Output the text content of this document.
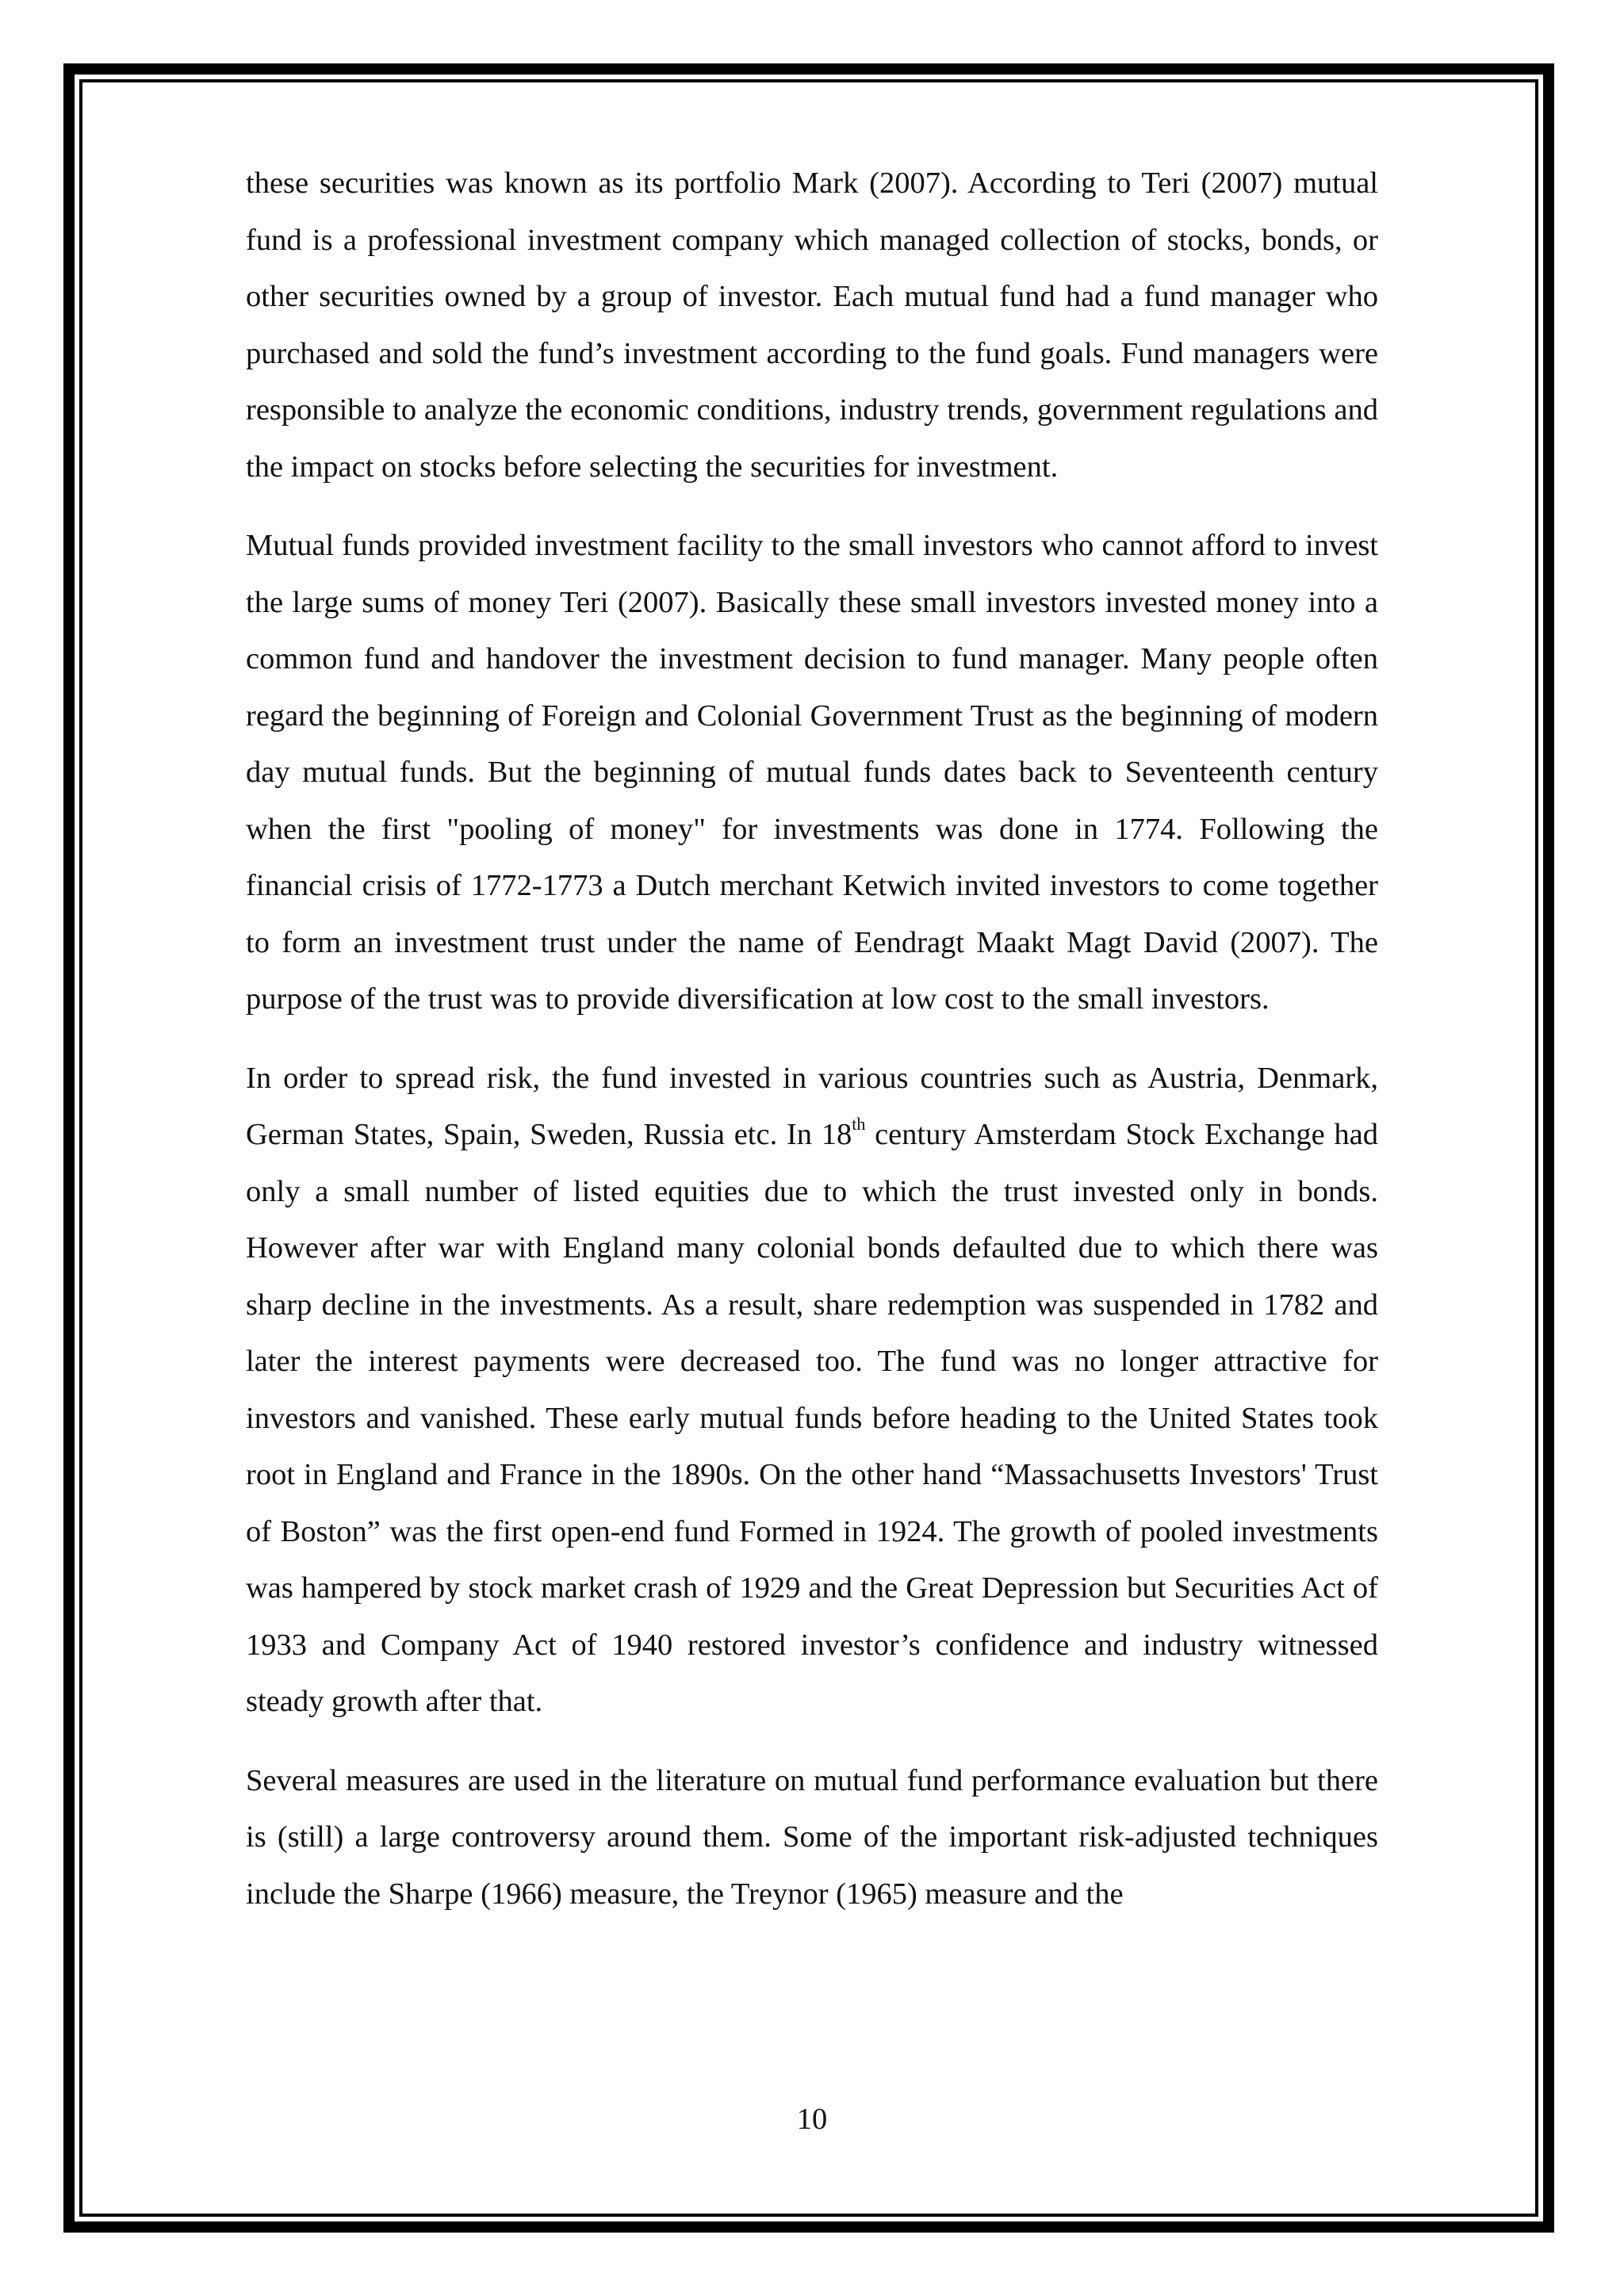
these securities was known as its portfolio Mark (2007). According to Teri (2007) mutual fund is a professional investment company which managed collection of stocks, bonds, or other securities owned by a group of investor. Each mutual fund had a fund manager who purchased and sold the fund’s investment according to the fund goals. Fund managers were responsible to analyze the economic conditions, industry trends, government regulations and the impact on stocks before selecting the securities for investment.

Mutual funds provided investment facility to the small investors who cannot afford to invest the large sums of money Teri (2007). Basically these small investors invested money into a common fund and handover the investment decision to fund manager. Many people often regard the beginning of Foreign and Colonial Government Trust as the beginning of modern day mutual funds. But the beginning of mutual funds dates back to Seventeenth century when the first "pooling of money" for investments was done in 1774. Following the financial crisis of 1772-1773 a Dutch merchant Ketwich invited investors to come together to form an investment trust under the name of Eendragt Maakt Magt David (2007). The purpose of the trust was to provide diversification at low cost to the small investors.

In order to spread risk, the fund invested in various countries such as Austria, Denmark, German States, Spain, Sweden, Russia etc. In 18th century Amsterdam Stock Exchange had only a small number of listed equities due to which the trust invested only in bonds. However after war with England many colonial bonds defaulted due to which there was sharp decline in the investments. As a result, share redemption was suspended in 1782 and later the interest payments were decreased too. The fund was no longer attractive for investors and vanished. These early mutual funds before heading to the United States took root in England and France in the 1890s. On the other hand “Massachusetts Investors' Trust of Boston” was the first open-end fund Formed in 1924. The growth of pooled investments was hampered by stock market crash of 1929 and the Great Depression but Securities Act of 1933 and Company Act of 1940 restored investor’s confidence and industry witnessed steady growth after that.

Several measures are used in the literature on mutual fund performance evaluation but there is (still) a large controversy around them. Some of the important risk-adjusted techniques include the Sharpe (1966) measure, the Treynor (1965) measure and the

10
